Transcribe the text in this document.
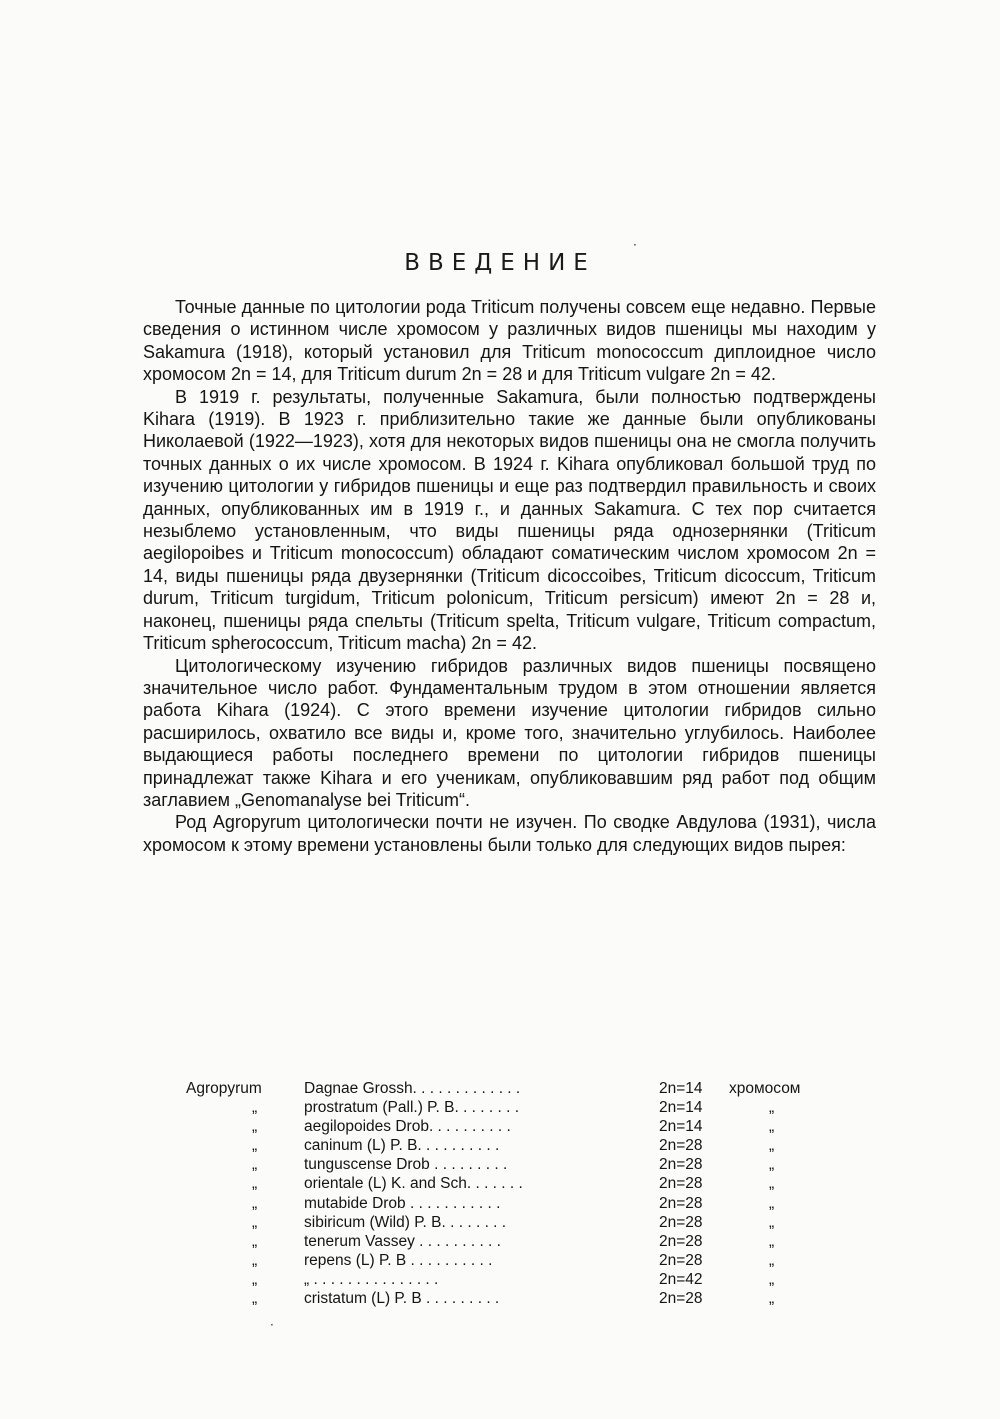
ВВЕДЕНИЕ

Точные данные по цитологии рода Triticum получены совсем еще недавно. Первые сведения о истинном числе хромосом у различных видов пшеницы мы находим у Sakamura (1918), который установил для Triticum monococcum диплоидное число хромосом 2n = 14, для Triticum durum 2n = 28 и для Triticum vulgare 2n = 42.

В 1919 г. результаты, полученные Sakamura, были полностью подтверждены Kihara (1919). В 1923 г. приблизительно такие же данные были опубликованы Николаевой (1922—1923), хотя для некоторых видов пшеницы она не смогла получить точных данных о их числе хромосом. В 1924 г. Kihara опубликовал большой труд по изучению цитологии у гибридов пшеницы и еще раз подтвердил правильность и своих данных, опубликованных им в 1919 г., и данных Sakamura. С тех пор считается незыблемо установленным, что виды пшеницы ряда однозернянки (Triticum aegilopoibes и Triticum monococcum) обладают соматическим числом хромосом 2n = 14, виды пшеницы ряда двузернянки (Triticum dicoccoibes, Triticum dicoccum, Triticum durum, Triticum turgidum, Triticum polonicum, Triticum persicum) имеют 2n = 28 и, наконец, пшеницы ряда спельты (Triticum spelta, Triticum vulgare, Triticum compactum, Triticum spherococcum, Triticum macha) 2n = 42.

Цитологическому изучению гибридов различных видов пшеницы посвящено значительное число работ. Фундаментальным трудом в этом отношении является работа Kihara (1924). С этого времени изучение цитологии гибридов сильно расширилось, охватило все виды и, кроме того, значительно углубилось. Наиболее выдающиеся работы последнего времени по цитологии гибридов пшеницы принадлежат также Kihara и его ученикам, опубликовавшим ряд работ под общим заглавием „Genomanalyse bei Triticum“.

Род Agropyrum цитологически почти не изучен. По сводке Авдулова (1931), числа хромосом к этому времени установлены были только для следующих видов пырея:

Agropyrum	Dagnae Grossh. . . . . . . . . . . . .	2n=14	хромосом
„	prostratum (Pall.) P. B. . . . . . . .	2n=14	„
„	aegilopoides Drob. . . . . . . . . .	2n=14	„
„	caninum (L) P. B. . . . . . . . . .	2n=28	„
„	tunguscense Drob . . . . . . . . .	2n=28	„
„	orientale (L) K. and Sch. . . . . . .	2n=28	„
„	mutabide Drob . . . . . . . . . . .	2n=28	„
„	sibiricum (Wild) P. B. . . . . . . .	2n=28	„
„	tenerum Vassey . . . . . . . . . .	2n=28	„
„	repens (L) P. B . . . . . . . . . .	2n=28	„
„	„ . . . . . . . . . . . . . . .	2n=42	„
„	cristatum (L) P. B . . . . . . . . .	2n=28	„
·
·
